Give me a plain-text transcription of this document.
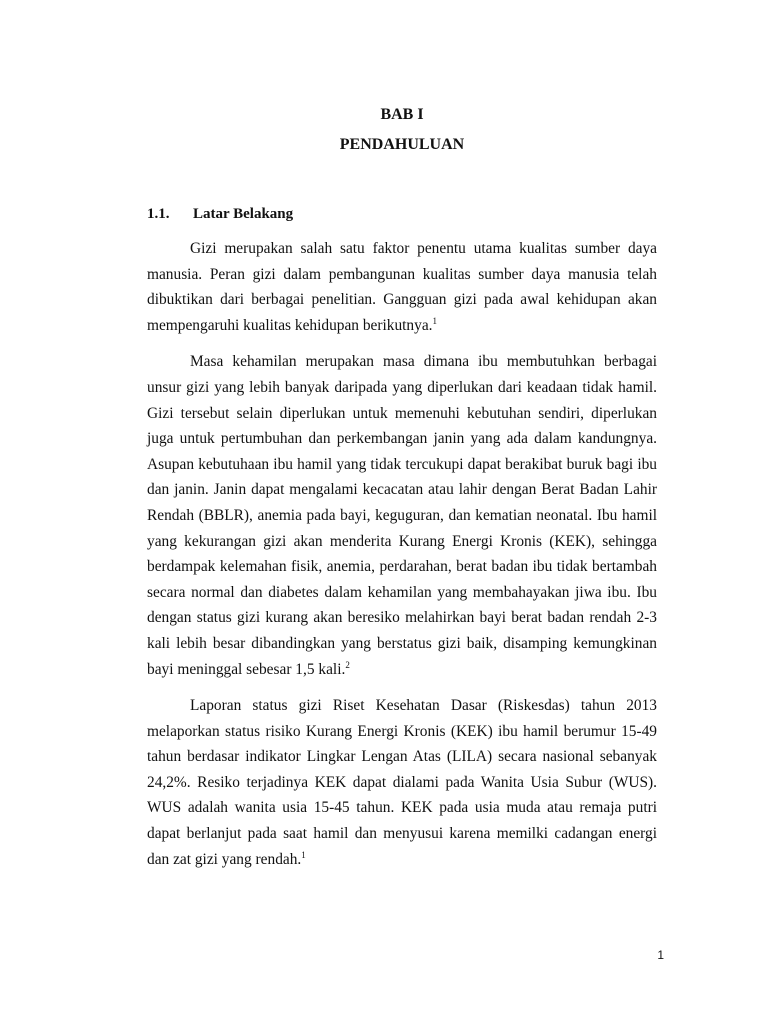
BAB I
PENDAHULUAN
1.1. Latar Belakang

Gizi merupakan salah satu faktor penentu utama kualitas sumber daya manusia. Peran gizi dalam pembangunan kualitas sumber daya manusia telah dibuktikan dari berbagai penelitian. Gangguan gizi pada awal kehidupan akan mempengaruhi kualitas kehidupan berikutnya.$^1$

Masa kehamilan merupakan masa dimana ibu membutuhkan berbagai unsur gizi yang lebih banyak daripada yang diperlukan dari keadaan tidak hamil. Gizi tersebut selain diperlukan untuk memenuhi kebutuhan sendiri, diperlukan juga untuk pertumbuhan dan perkembangan janin yang ada dalam kandungnya. Asupan kebutuhaan ibu hamil yang tidak tercukupi dapat berakibat buruk bagi ibu dan janin. Janin dapat mengalami kecacatan atau lahir dengan Berat Badan Lahir Rendah (BBLR), anemia pada bayi, keguguran, dan kematian neonatal. Ibu hamil yang kekurangan gizi akan menderita Kurang Energi Kronis (KEK), sehingga berdampak kelemahan fisik, anemia, perdarahan, berat badan ibu tidak bertambah secara normal dan diabetes dalam kehamilan yang membahayakan jiwa ibu. Ibu dengan status gizi kurang akan beresiko melahirkan bayi berat badan rendah 2-3 kali lebih besar dibandingkan yang berstatus gizi baik, disamping kemungkinan bayi meninggal sebesar 1,5 kali.$^2$

Laporan status gizi Riset Kesehatan Dasar (Riskesdas) tahun 2013 melaporkan status risiko Kurang Energi Kronis (KEK) ibu hamil berumur 15-49 tahun berdasar indikator Lingkar Lengan Atas (LILA) secara nasional sebanyak 24,2%. Resiko terjadinya KEK dapat dialami pada Wanita Usia Subur (WUS). WUS adalah wanita usia 15-45 tahun. KEK pada usia muda atau remaja putri dapat berlanjut pada saat hamil dan menyusui karena memilki cadangan energi dan zat gizi yang rendah.$^1$

1
